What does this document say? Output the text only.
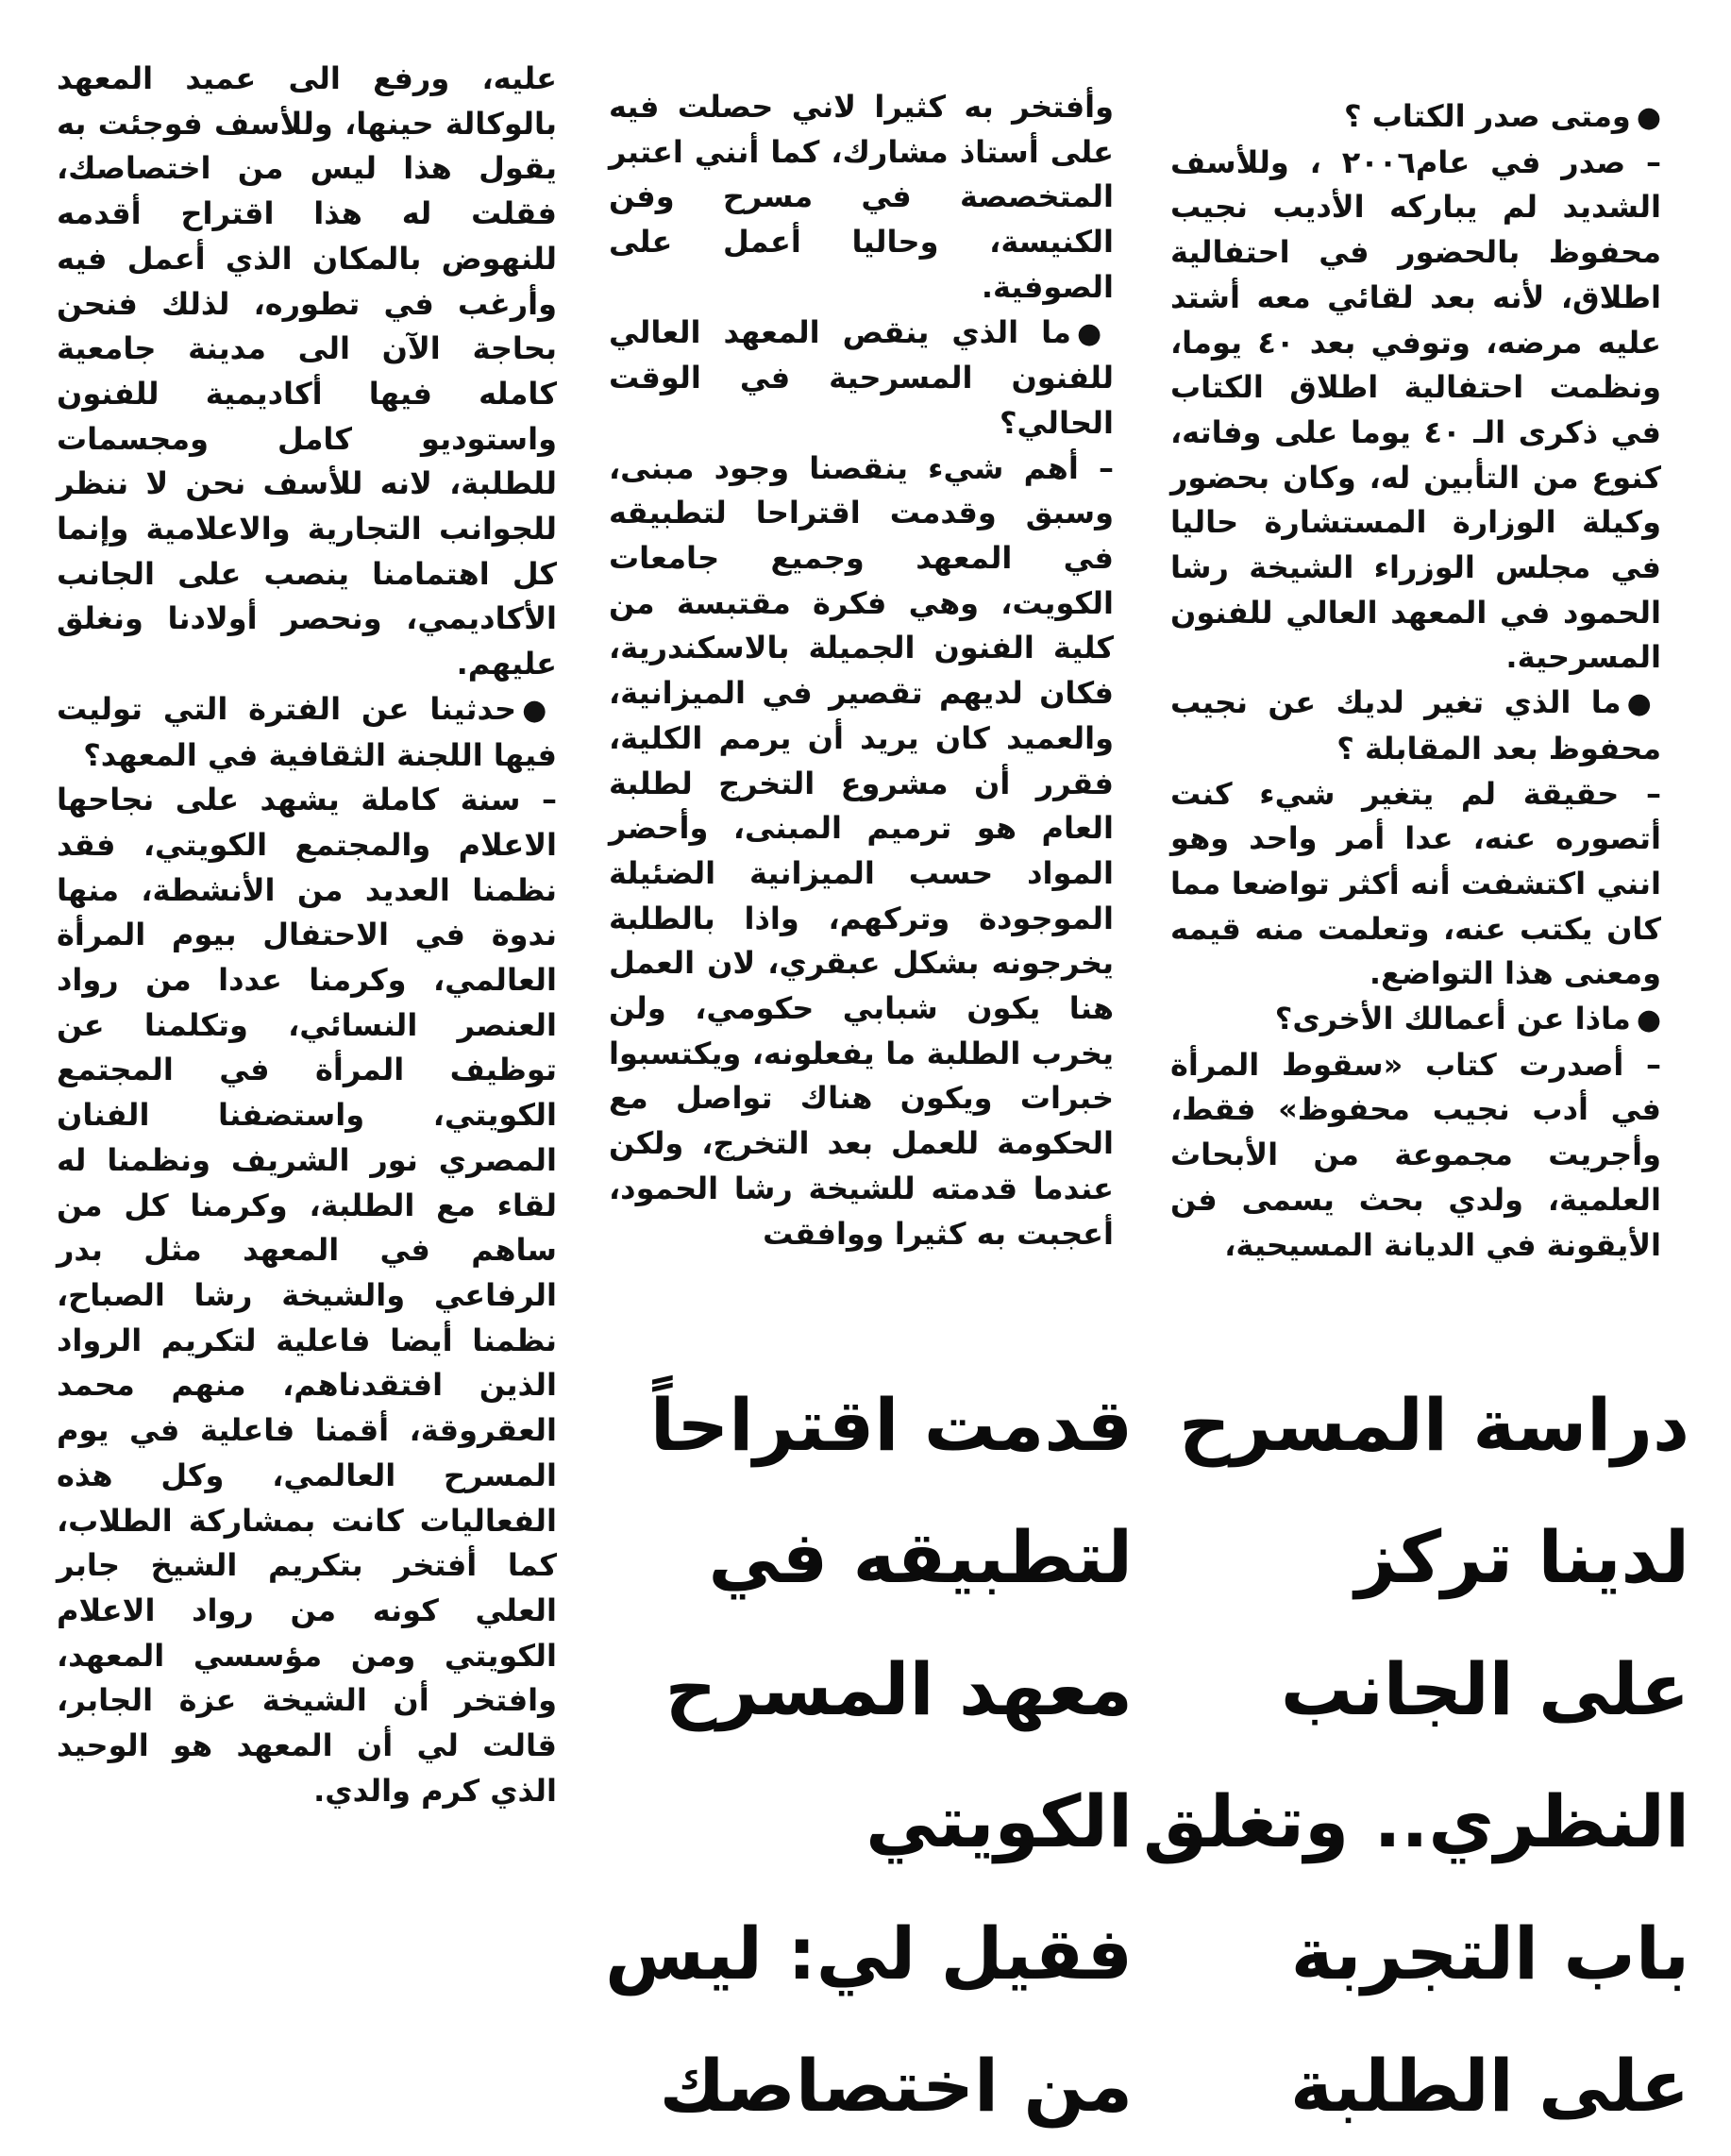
●ومتى صدر الكتاب ؟

– صدر في عام٢٠٠٦ ، وللأسف الشديد لم يباركه الأديب نجيب محفوظ بالحضور في احتفالية اطلاق، لأنه بعد لقائي معه أشتد عليه مرضه، وتوفي بعد ٤٠ يوما، ونظمت احتفالية اطلاق الكتاب في ذكرى الـ ٤٠ يوما على وفاته، كنوع من التأبين له، وكان بحضور وكيلة الوزارة المستشارة حاليا في مجلس الوزراء الشيخة رشا الحمود في المعهد العالي للفنون المسرحية.

●ما الذي تغير لديك عن نجيب محفوظ بعد المقابلة ؟

– حقيقة لم يتغير شيء كنت أتصوره عنه، عدا أمر واحد وهو انني اكتشفت أنه أكثر تواضعا مما كان يكتب عنه، وتعلمت منه قيمه ومعنى هذا التواضع.

●ماذا عن أعمالك الأخرى؟

– أصدرت كتاب «سقوط المرأة في أدب نجيب محفوظ» فقط، وأجريت مجموعة من الأبحاث العلمية، ولدي بحث يسمى فن الأيقونة في الديانة المسيحية،

وأفتخر به كثيرا لاني حصلت فيه على أستاذ مشارك، كما أنني اعتبر المتخصصة في مسرح وفن الكنيسة، وحاليا أعمل على الصوفية.

●ما الذي ينقص المعهد العالي للفنون المسرحية في الوقت الحالي؟

– أهم شيء ينقصنا وجود مبنى، وسبق وقدمت اقتراحا لتطبيقه في المعهد وجميع جامعات الكويت، وهي فكرة مقتبسة من كلية الفنون الجميلة بالاسكندرية، فكان لديهم تقصير في الميزانية، والعميد كان يريد أن يرمم الكلية، فقرر أن مشروع التخرج لطلبة العام هو ترميم المبنى، وأحضر المواد حسب الميزانية الضئيلة الموجودة وتركهم، واذا بالطلبة يخرجونه بشكل عبقري، لان العمل هنا يكون شبابي حكومي، ولن يخرب الطلبة ما يفعلونه، ويكتسبوا خبرات ويكون هناك تواصل مع الحكومة للعمل بعد التخرج، ولكن عندما قدمته للشيخة رشا الحمود، أعجبت به كثيرا ووافقت

عليه، ورفع الى عميد المعهد بالوكالة حينها، وللأسف فوجئت به يقول هذا ليس من اختصاصك، فقلت له هذا اقتراح أقدمه للنهوض بالمكان الذي أعمل فيه وأرغب في تطوره، لذلك فنحن بحاجة الآن الى مدينة جامعية كامله فيها أكاديمية للفنون واستوديو كامل ومجسمات للطلبة، لانه للأسف نحن لا ننظر للجوانب التجارية والاعلامية وإنما كل اهتمامنا ينصب على الجانب الأكاديمي، ونحصر أولادنا ونغلق عليهم.

●حدثينا عن الفترة التي توليت فيها اللجنة الثقافية في المعهد؟

– سنة كاملة يشهد على نجاحها الاعلام والمجتمع الكويتي، فقد نظمنا العديد من الأنشطة، منها ندوة في الاحتفال بيوم المرأة العالمي، وكرمنا عددا من رواد العنصر النسائي، وتكلمنا عن توظيف المرأة في المجتمع الكويتي، واستضفنا الفنان المصري نور الشريف ونظمنا له لقاء مع الطلبة، وكرمنا كل من ساهم في المعهد مثل بدر الرفاعي والشيخة رشا الصباح، نظمنا أيضا فاعلية لتكريم الرواد الذين افتقدناهم، منهم محمد العقروقة، أقمنا فاعلية في يوم المسرح العالمي، وكل هذه الفعاليات كانت بمشاركة الطلاب، كما أفتخر بتكريم الشيخ جابر العلي كونه من رواد الاعلام الكويتي ومن مؤسسي المعهد، وافتخر أن الشيخة عزة الجابر، قالت لي أن المعهد هو الوحيد الذي كرم والدي.

دراسة المسرح
لدينا تركز
على الجانب
النظري.. وتغلق
باب التجربة
على الطلبة
قدمت اقتراحاً
لتطبيقه في
معهد المسرح
الكويتي
فقيل لي: ليس
من اختصاصك
